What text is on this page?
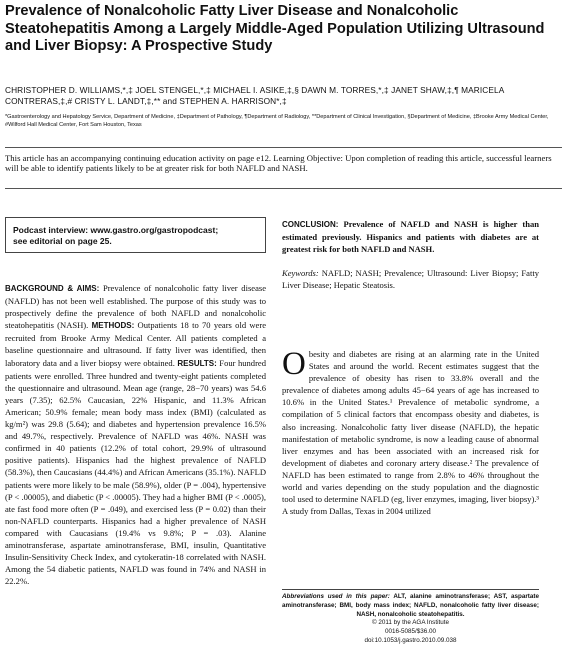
Prevalence of Nonalcoholic Fatty Liver Disease and Nonalcoholic Steatohepatitis Among a Largely Middle-Aged Population Utilizing Ultrasound and Liver Biopsy: A Prospective Study
CHRISTOPHER D. WILLIAMS,*,‡ JOEL STENGEL,*,‡ MICHAEL I. ASIKE,‡,§ DAWN M. TORRES,*,‡ JANET SHAW,‡,¶ MARICELA CONTRERAS,‡,# CRISTY L. LANDT,‡,** and STEPHEN A. HARRISON*,‡
*Gastroenterology and Hepatology Service, Department of Medicine, ‡Department of Pathology, ¶Department of Radiology, **Department of Clinical Investigation, §Department of Medicine, ‡Brooke Army Medical Center, #Wilford Hall Medical Center, Fort Sam Houston, Texas
This article has an accompanying continuing education activity on page e12. Learning Objective: Upon completion of reading this article, successful learners will be able to identify patients likely to be at greater risk for both NAFLD and NASH.
Podcast interview: www.gastro.org/gastropodcast;
see editorial on page 25.

BACKGROUND & AIMS: Prevalence of nonalcoholic fatty liver disease (NAFLD) has not been well established. The purpose of this study was to prospectively define the prevalence of both NAFLD and nonalcoholic steatohepatitis (NASH). METHODS: Outpatients 18 to 70 years old were recruited from Brooke Army Medical Center. All patients completed a baseline questionnaire and ultrasound. If fatty liver was identified, then laboratory data and a liver biopsy were obtained. RESULTS: Four hundred patients were enrolled. Three hundred and twenty-eight patients completed the questionnaire and ultrasound. Mean age (range, 28−70 years) was 54.6 years (7.35); 62.5% Caucasian, 22% Hispanic, and 11.3% African American; 50.9% female; mean body mass index (BMI) (calculated as kg/m²) was 29.8 (5.64); and diabetes and hypertension prevalence 16.5% and 49.7%, respectively. Prevalence of NAFLD was 46%. NASH was confirmed in 40 patients (12.2% of total cohort, 29.9% of ultrasound positive patients). Hispanics had the highest prevalence of NAFLD (58.3%), then Caucasians (44.4%) and African Americans (35.1%). NAFLD patients were more likely to be male (58.9%), older (P = .004), hypertensive (P < .00005), and diabetic (P < .00005). They had a higher BMI (P < .0005), ate fast food more often (P = .049), and exercised less (P = 0.02) than their non-NAFLD counterparts. Hispanics had a higher prevalence of NASH compared with Caucasians (19.4% vs 9.8%; P = .03). Alanine aminotransferase, aspartate aminotransferase, BMI, insulin, Quantitative Insulin-Sensitivity Check Index, and cytokeratin-18 correlated with NASH. Among the 54 diabetic patients, NAFLD was found in 74% and NASH in 22.2%.

CONCLUSION: Prevalence of NAFLD and NASH is higher than estimated previously. Hispanics and patients with diabetes are at greatest risk for both NAFLD and NASH.

Keywords: NAFLD; NASH; Prevalence; Ultrasound: Liver Biopsy; Fatty Liver Disease; Hepatic Steatosis.

Obesity and diabetes are rising at an alarming rate in the United States and around the world. Recent estimates suggest that the prevalence of obesity has risen to 33.8% overall and the prevalence of diabetes among adults 45−64 years of age has increased to 10.6% in the United States.¹ Prevalence of metabolic syndrome, a compilation of 5 clinical factors that encompass obesity and diabetes, is also increasing. Nonalcoholic fatty liver disease (NAFLD), the hepatic manifestation of metabolic syndrome, is now a leading cause of abnormal liver enzymes and has been associated with an increased risk for development of diabetes and coronary artery disease.² The prevalence of NAFLD has been estimated to range from 2.8% to 46% throughout the world and varies depending on the study population and the diagnostic tool used to determine NAFLD (eg, liver enzymes, imaging, liver biopsy).³ A study from Dallas, Texas in 2004 utilized
Abbreviations used in this paper: ALT, alanine aminotransferase; AST, aspartate aminotransferase; BMI, body mass index; NAFLD, nonalcoholic fatty liver disease; NASH, nonalcoholic steatohepatitis.
© 2011 by the AGA Institute
0016-5085/$36.00
doi:10.1053/j.gastro.2010.09.038
